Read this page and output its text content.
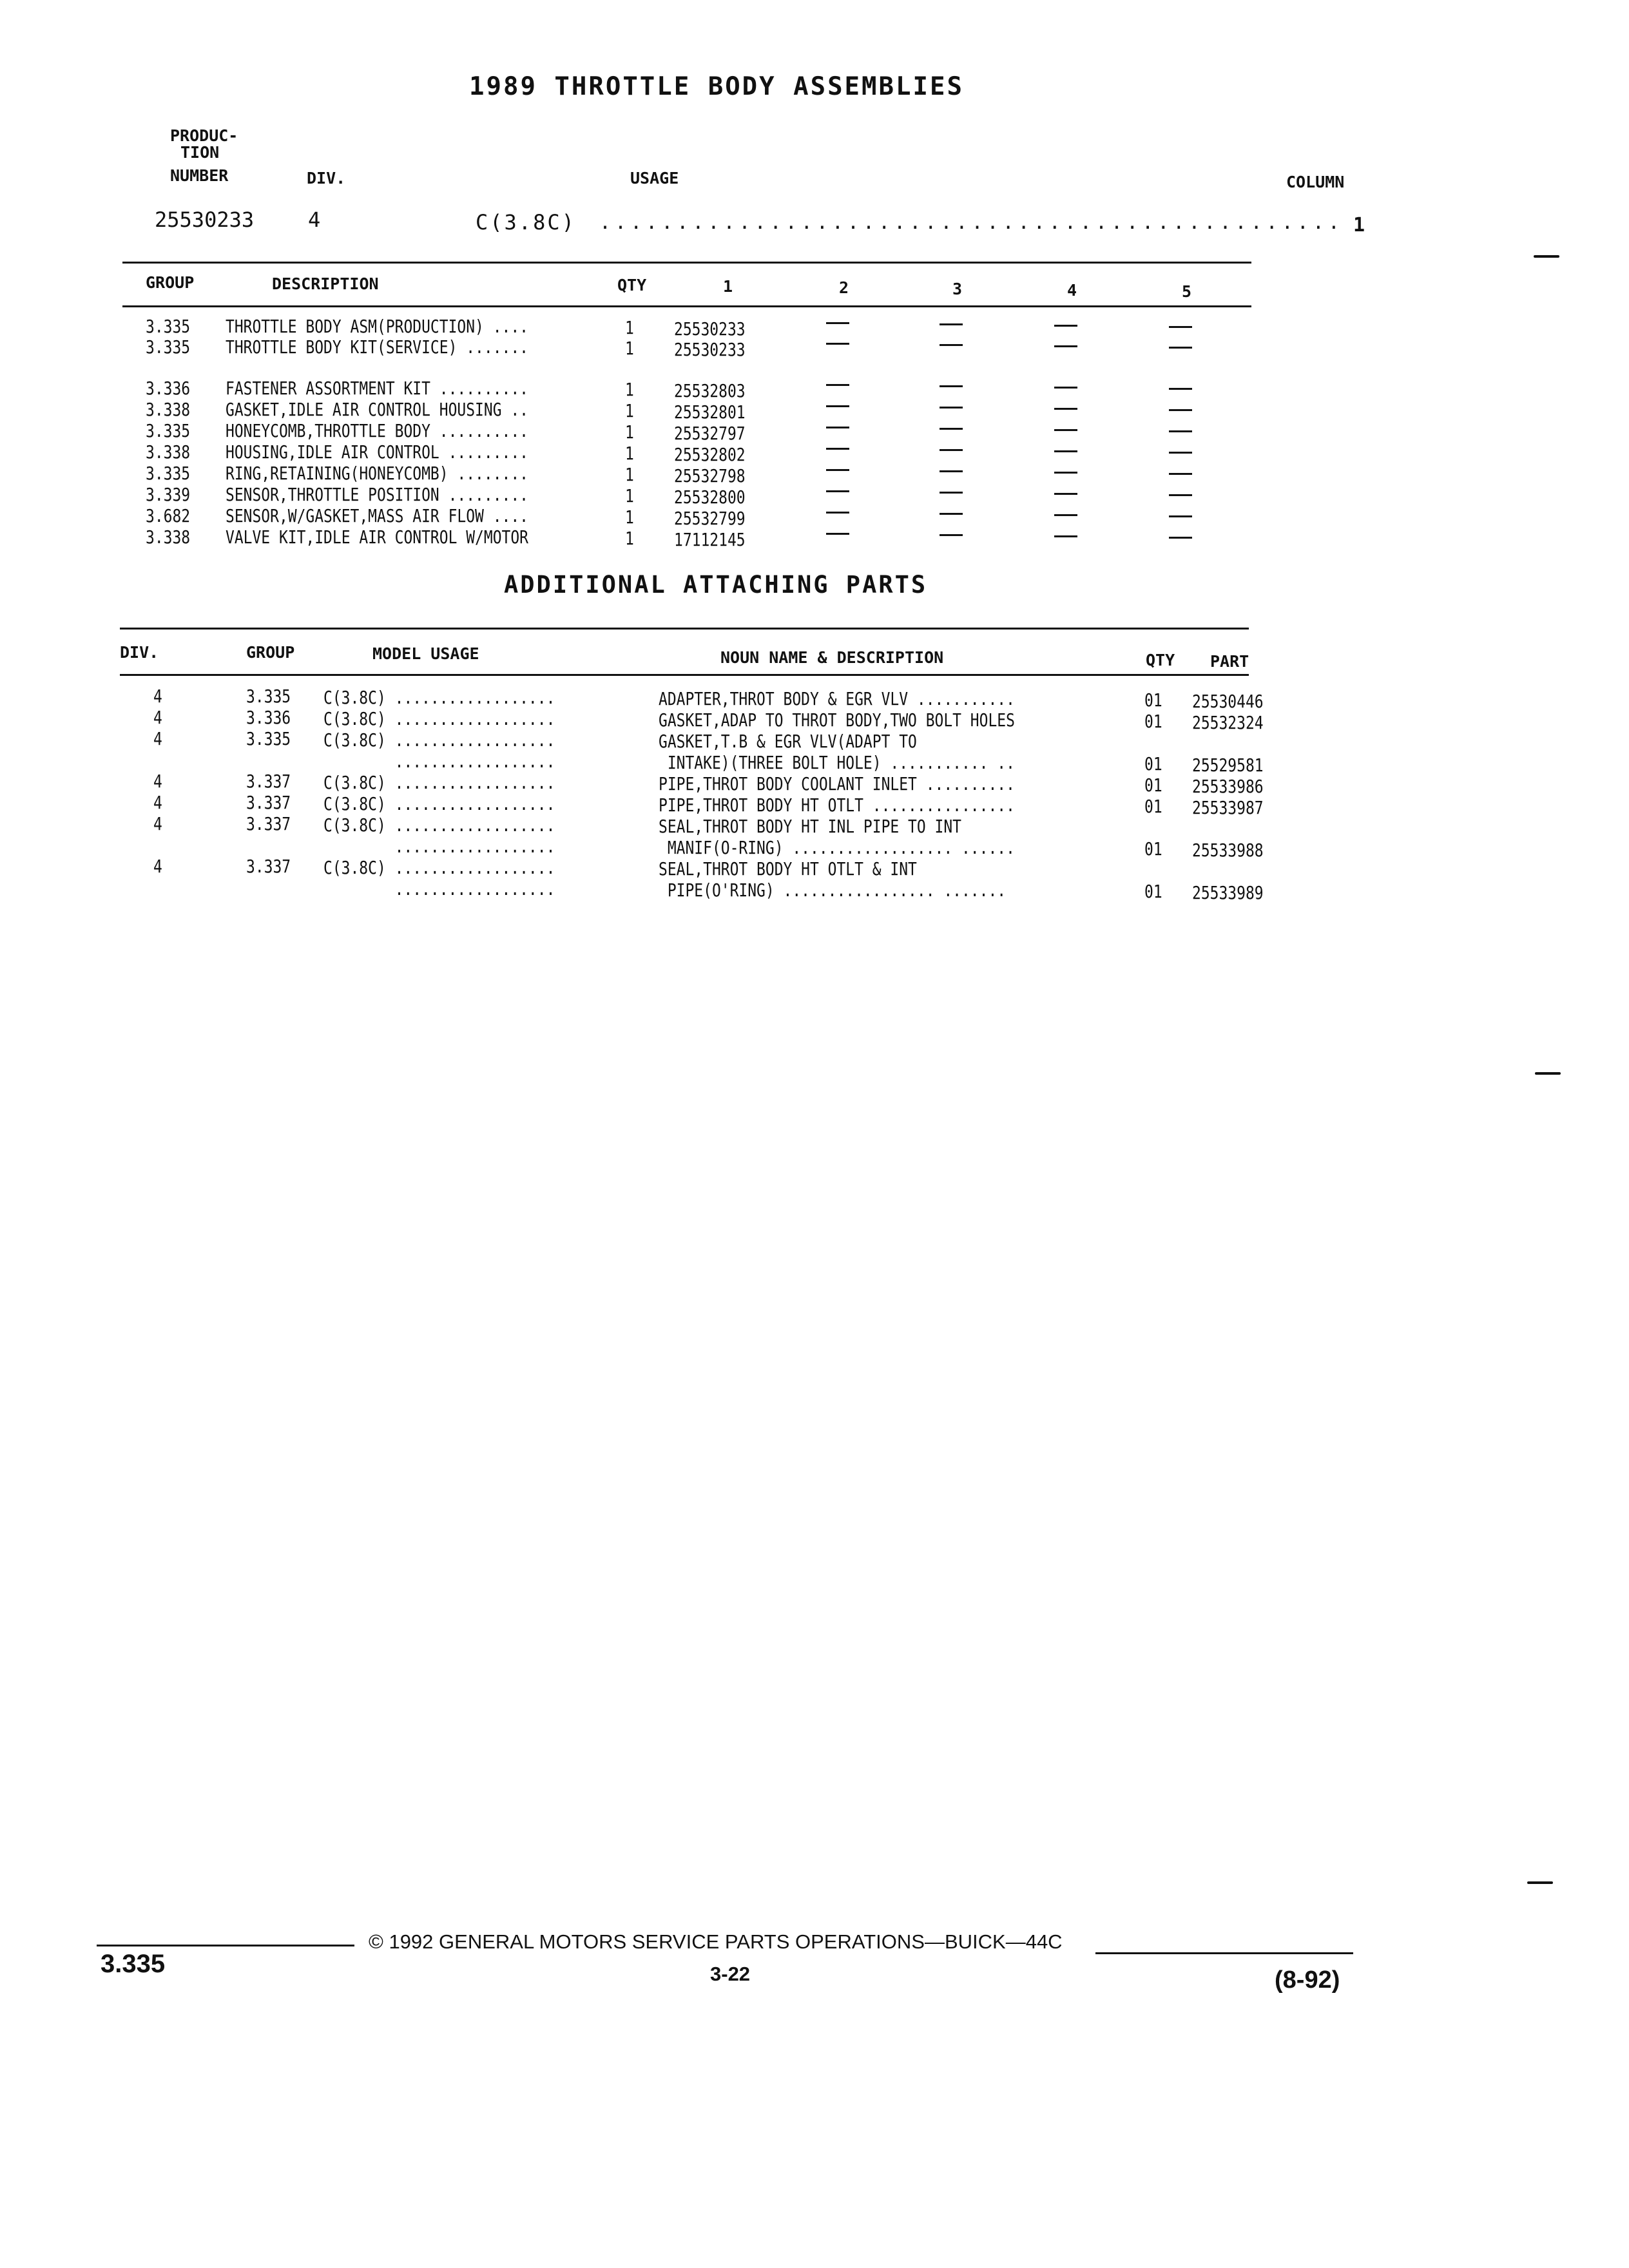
1989 THROTTLE BODY ASSEMBLIES
PRODUC-
TION
NUMBER	DIV.	USAGE	COLUMN
25530233	4	C(3.8C) ................................................ 1
GROUP	DESCRIPTION	QTY	1	2	3	4	5
3.335 THROTTLE BODY ASM(PRODUCTION) ....	1 25530233
3.335 THROTTLE BODY KIT(SERVICE) .......	1 25530233
3.336 FASTENER ASSORTMENT KIT ..........	1 25532803
3.338 GASKET,IDLE AIR CONTROL HOUSING ..	1 25532801
3.335 HONEYCOMB,THROTTLE BODY ..........	1 25532797
3.338 HOUSING,IDLE AIR CONTROL .........	1 25532802
3.335 RING,RETAINING(HONEYCOMB) ........	1 25532798
3.339 SENSOR,THROTTLE POSITION .........	1 25532800
3.682 SENSOR,W/GASKET,MASS AIR FLOW ....	1 25532799
3.338 VALVE KIT,IDLE AIR CONTROL W/MOTOR	1 17112145
ADDITIONAL ATTACHING PARTS
DIV.	GROUP	MODEL USAGE	NOUN NAME & DESCRIPTION	QTY PART
4	3.335 C(3.8C) ..................	ADAPTER,THROT BODY & EGR VLV ...........	01 25530446
4	3.336 C(3.8C) ..................	GASKET,ADAP TO THROT BODY,TWO BOLT HOLES	01 25532324
4	3.335 C(3.8C) ..................	GASKET,T.B & EGR VLV(ADAPT TO
..................	INTAKE)(THREE BOLT HOLE) ........... ..	01 25529581
4	3.337 C(3.8C) ..................	PIPE,THROT BODY COOLANT INLET ..........	01 25533986
4	3.337 C(3.8C) ..................	PIPE,THROT BODY HT OTLT ................	01 25533987
4	3.337 C(3.8C) ..................	SEAL,THROT BODY HT INL PIPE TO INT
..................	MANIF(O-RING) .................. ......	01 25533988
4	3.337 C(3.8C) ..................	SEAL,THROT BODY HT OTLT & INT
..................	PIPE(O'RING) ................. .......	01 25533989
© 1992 GENERAL MOTORS SERVICE PARTS OPERATIONS—BUICK—44C
3.335	3-22	(8-92)
